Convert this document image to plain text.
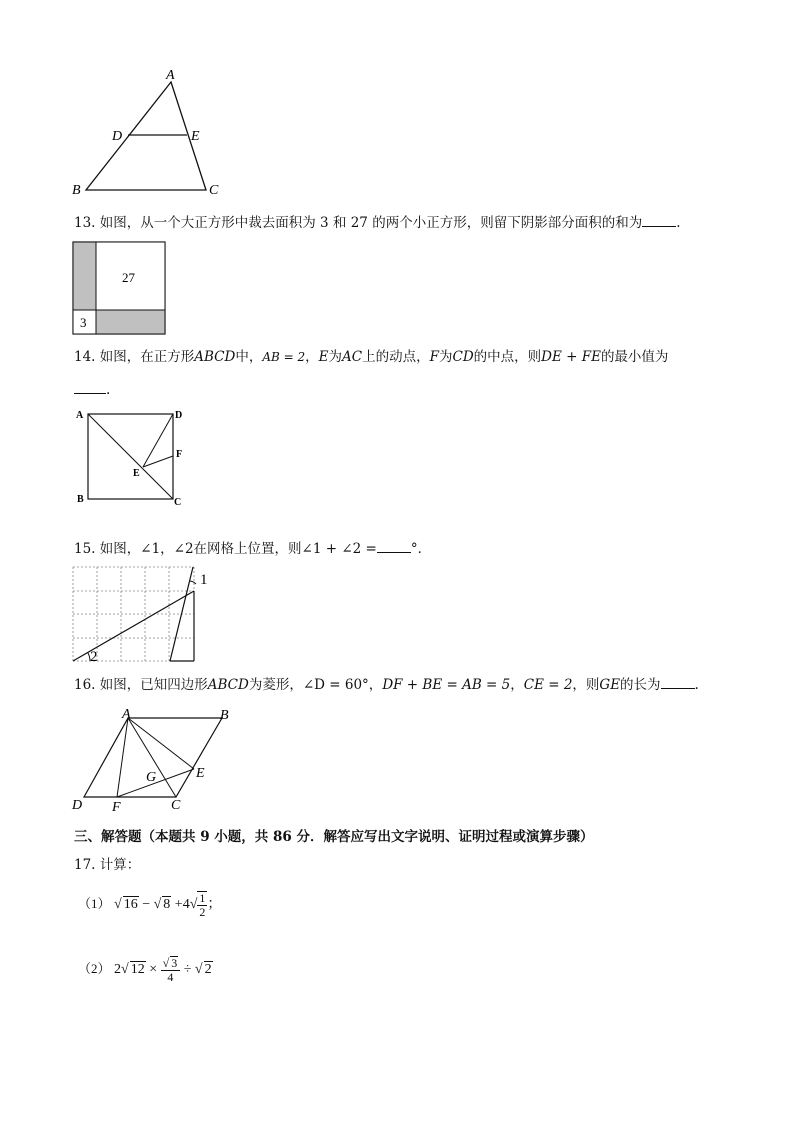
A
D	E
B	C
13. 如图，从一个大正方形中裁去面积为 3 和 27 的两个小正方形，则留下阴影部分面积的和为	.
27
3
14. 如图，在正方形ABCD中，AB = 2，E为AC上的动点，F为CD的中点，则DE + FE的最小值为
.
A	D
F
E
B	C
15. 如图，∠1，∠2在网格上位置，则∠1 + ∠2 =	°．
1
2
16. 如图，已知四边形ABCD为菱形，∠D = 60°，DF + BE = AB = 5，CE = 2，则GE的长为	.
A	B
G	E
D F	C
三、解答题（本题共 9 小题，共 86 分．解答应写出文字说明、证明过程或演算步骤）
17. 计算：
（1） √ 16 − √ $8 +4√ \frac{1}{2}$ ；
（2） 2√ $12 \times \frac{√ 3}{4}$ ÷ √ 2
